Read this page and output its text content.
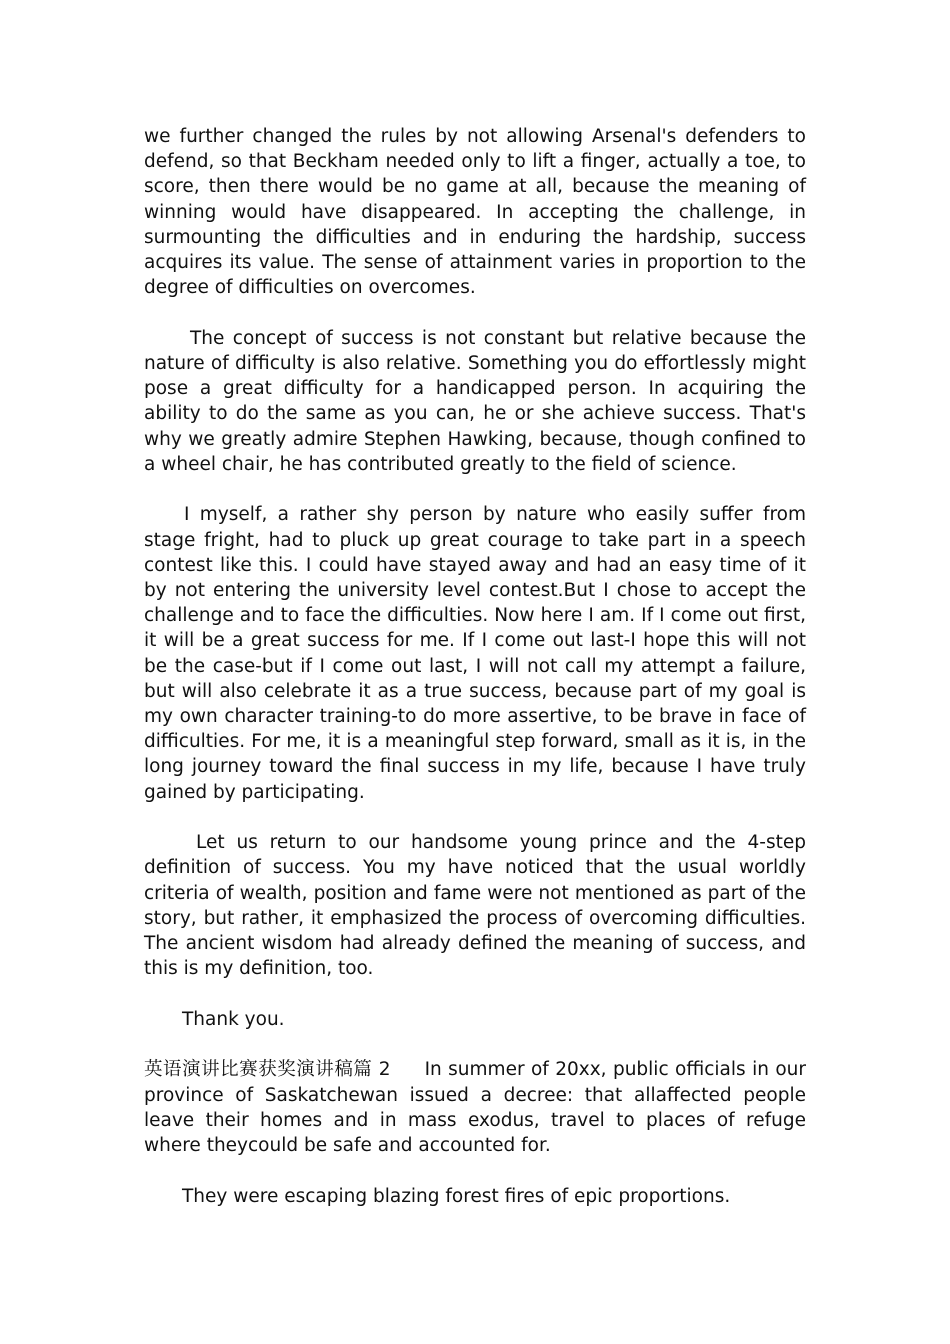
we further changed the rules by not allowing Arsenal's defenders to defend, so that Beckham needed only to lift a finger, actually a toe, to score, then there would be no game at all, because the meaning of winning would have disappeared. In accepting the challenge, in surmounting the difficulties and in enduring the hardship, success acquires its value. The sense of attainment varies in proportion to the degree of difficulties on overcomes.

The concept of success is not constant but relative because the nature of difficulty is also relative. Something you do effortlessly might pose a great difficulty for a handicapped person. In acquiring the ability to do the same as you can, he or she achieve success. That's why we greatly admire Stephen Hawking, because, though confined to a wheel chair, he has contributed greatly to the field of science.

I myself, a rather shy person by nature who easily suffer from stage fright, had to pluck up great courage to take part in a speech contest like this. I could have stayed away and had an easy time of it by not entering the university level contest.But I chose to accept the challenge and to face the difficulties. Now here I am. If I come out first, it will be a great success for me. If I come out last-I hope this will not be the case-but if I come out last, I will not call my attempt a failure, but will also celebrate it as a true success, because part of my goal is my own character training-to do more assertive, to be brave in face of difficulties. For me, it is a meaningful step forward, small as it is, in the long journey toward the final success in my life, because I have truly gained by participating.

Let us return to our handsome young prince and the 4-step definition of success. You my have noticed that the usual worldly criteria of wealth, position and fame were not mentioned as part of the story, but rather, it emphasized the process of overcoming difficulties. The ancient wisdom had already defined the meaning of success, and this is my definition, too.

Thank you.

英语演讲比赛获奖演讲稿篇 2 In summer of 20xx, public officials in our province of Saskatchewan issued a decree: that allaffected people leave their homes and in mass exodus, travel to places of refuge where theycould be safe and accounted for.

They were escaping blazing forest fires of epic proportions.
